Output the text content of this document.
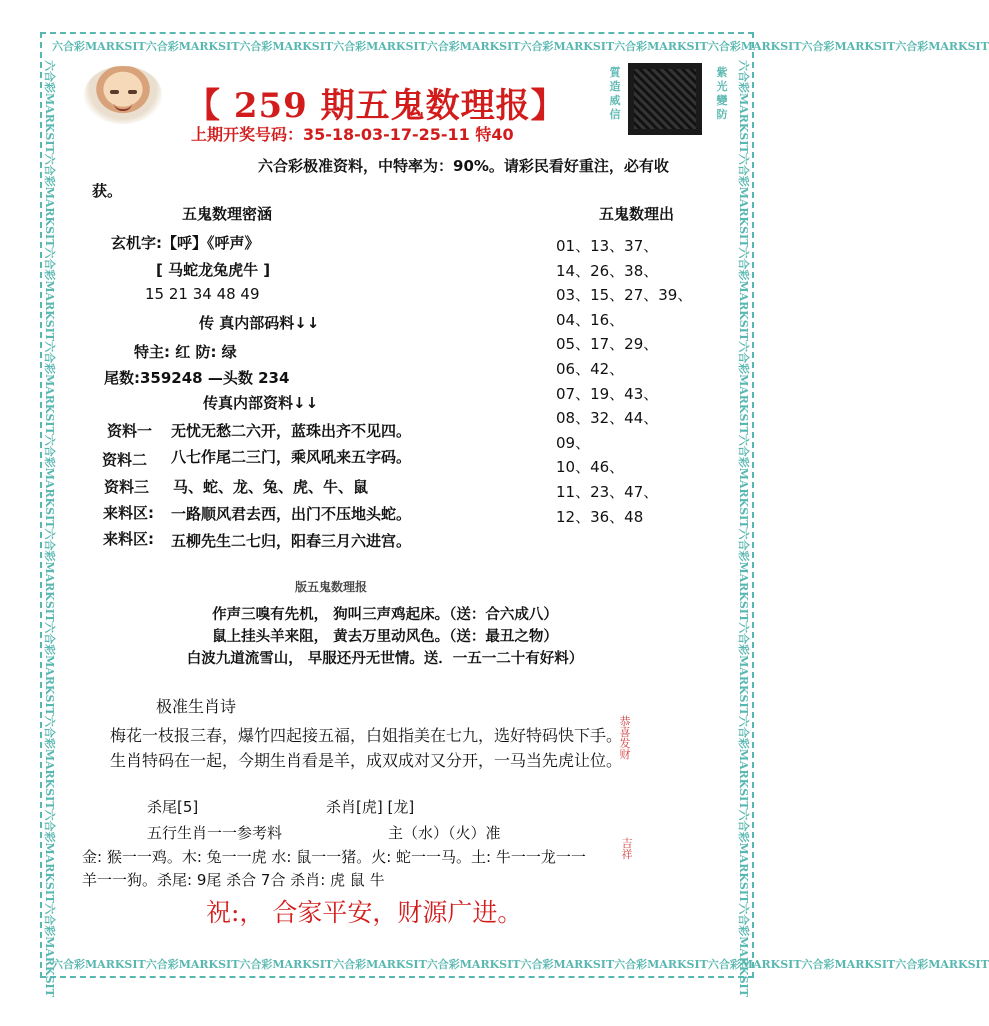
六合彩MARKSIT六合彩MARKSIT六合彩MARKSIT六合彩MARKSIT六合彩MARKSIT六合彩MARKSIT六合彩MARKSIT六合彩MARKSIT六合彩MARKSIT六合彩MARKSIT
六合彩MARKSIT六合彩MARKSIT六合彩MARKSIT六合彩MARKSIT六合彩MARKSIT六合彩MARKSIT六合彩MARKSIT六合彩MARKSIT六合彩MARKSIT六合彩MARKSIT
六合彩MARKSIT六合彩MARKSIT六合彩MARKSIT六合彩MARKSIT六合彩MARKSIT六合彩MARKSIT六合彩MARKSIT六合彩MARKSIT六合彩MARKSIT六合彩MARKSIT	六合彩MARKSIT六合彩MARKSIT六合彩MARKSIT六合彩MARKSIT六合彩MARKSIT六合彩MARKSIT六合彩MARKSIT六合彩MARKSIT六合彩MARKSIT六合彩MARKSIT
【 259 期五鬼数理报】
上期开奖号码：35-18-03-17-25-11 特40
質造威信
紫光變防
六合彩极准资料，中特率为：90%。请彩民看好重注，必有收
获。
五鬼数理密涵	五鬼数理出
玄机字:【呼】《呼声》
[ 马蛇龙兔虎牛 ]
15 21 34 48 49
传 真内部码料↓↓
特主: 红 防: 绿
尾数:359248 —头数 234
传真内部资料↓↓
资料一 无忧无愁二六开，蓝珠出齐不见四。
资料二 八七作尾二三门，乘风吼来五字码。
资料三 马、蛇、龙、兔、虎、牛、鼠
来料区: 一路顺风君去西，出门不压地头蛇。
来料区: 五柳先生二七归，阳春三月六进宫。
01、13、37、
14、26、38、
03、15、27、39、
04、16、
05、17、29、
06、42、
07、19、43、
08、32、44、
09、
10、46、
11、23、47、
12、36、48
版五鬼数理报
作声三嗅有先机， 狗叫三声鸡起床。（送：合六成八）
鼠上挂头羊来阻， 黄去万里动风色。（送：最丑之物）
白波九道流雪山， 早服还丹无世情。送．一五一二十有好料）
极准生肖诗
梅花一枝报三春，爆竹四起接五福，白姐指美在七九，选好特码快下手。
生肖特码在一起，今期生肖看是羊，成双成对又分开，一马当先虎让位。
杀尾[5]	杀肖[虎] [龙]
五行生肖一一参考料	主（水）（火）准
金: 猴一一鸡。木: 兔一一虎 水: 鼠一一猪。火: 蛇一一马。土: 牛一一龙一一
羊一一狗。杀尾: 9尾 杀合 7合 杀肖: 虎 鼠 牛
祝:， 合家平安，财源广进。
恭喜发财
吉祥
